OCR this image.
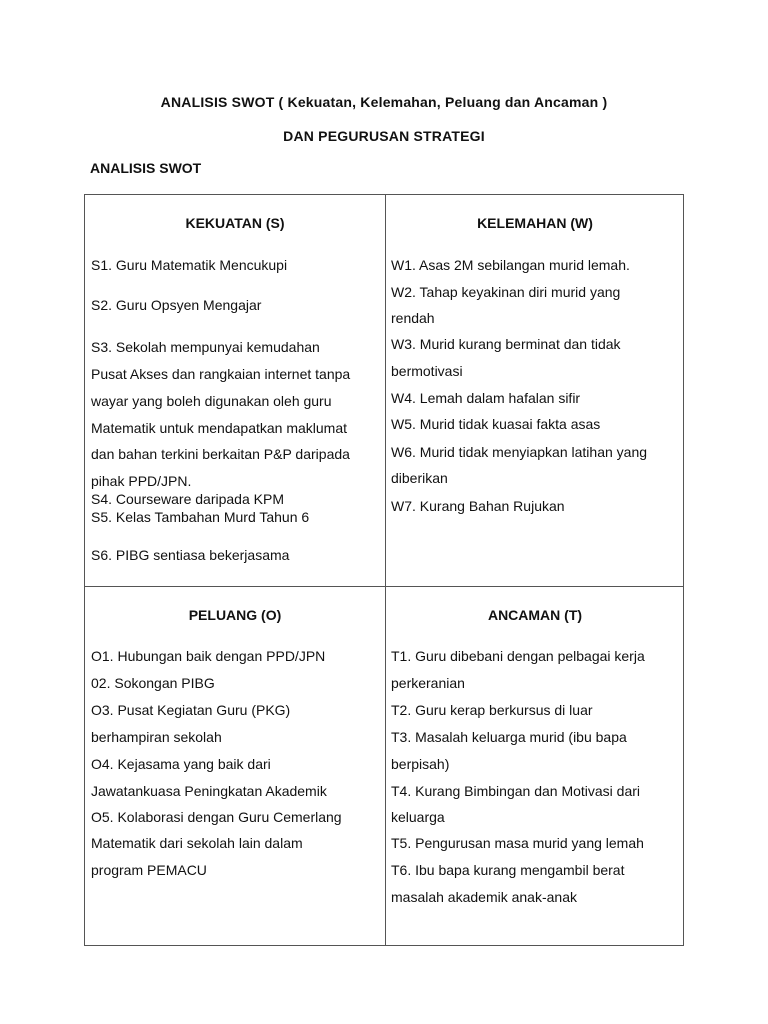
ANALISIS SWOT ( Kekuatan, Kelemahan, Peluang dan Ancaman )
DAN PEGURUSAN STRATEGI
ANALISIS SWOT
KEKUATAN (S)
S1. Guru Matematik Mencukupi
S2. Guru Opsyen Mengajar
S3. Sekolah mempunyai kemudahan
Pusat Akses dan rangkaian internet tanpa
wayar yang boleh digunakan oleh guru
Matematik untuk mendapatkan maklumat
dan bahan terkini berkaitan P&P daripada
pihak PPD/JPN.
S4. Courseware daripada KPM
S5. Kelas Tambahan Murd Tahun 6
S6. PIBG sentiasa bekerjasama
KELEMAHAN (W)
W1. Asas 2M sebilangan murid lemah.
W2. Tahap keyakinan diri murid yang
rendah
W3. Murid kurang berminat dan tidak
bermotivasi
W4. Lemah dalam hafalan sifir
W5. Murid tidak kuasai fakta asas
W6. Murid tidak menyiapkan latihan yang
diberikan
W7. Kurang Bahan Rujukan
PELUANG (O)
O1. Hubungan baik dengan PPD/JPN
02. Sokongan PIBG
O3. Pusat Kegiatan Guru (PKG)
berhampiran sekolah
O4. Kejasama yang baik dari
Jawatankuasa Peningkatan Akademik
O5. Kolaborasi dengan Guru Cemerlang
Matematik dari sekolah lain dalam
program PEMACU
ANCAMAN (T)
T1. Guru dibebani dengan pelbagai kerja
perkeranian
T2. Guru kerap berkursus di luar
T3. Masalah keluarga murid (ibu bapa
berpisah)
T4. Kurang Bimbingan dan Motivasi dari
keluarga
T5. Pengurusan masa murid yang lemah
T6. Ibu bapa kurang mengambil berat
masalah akademik anak-anak
